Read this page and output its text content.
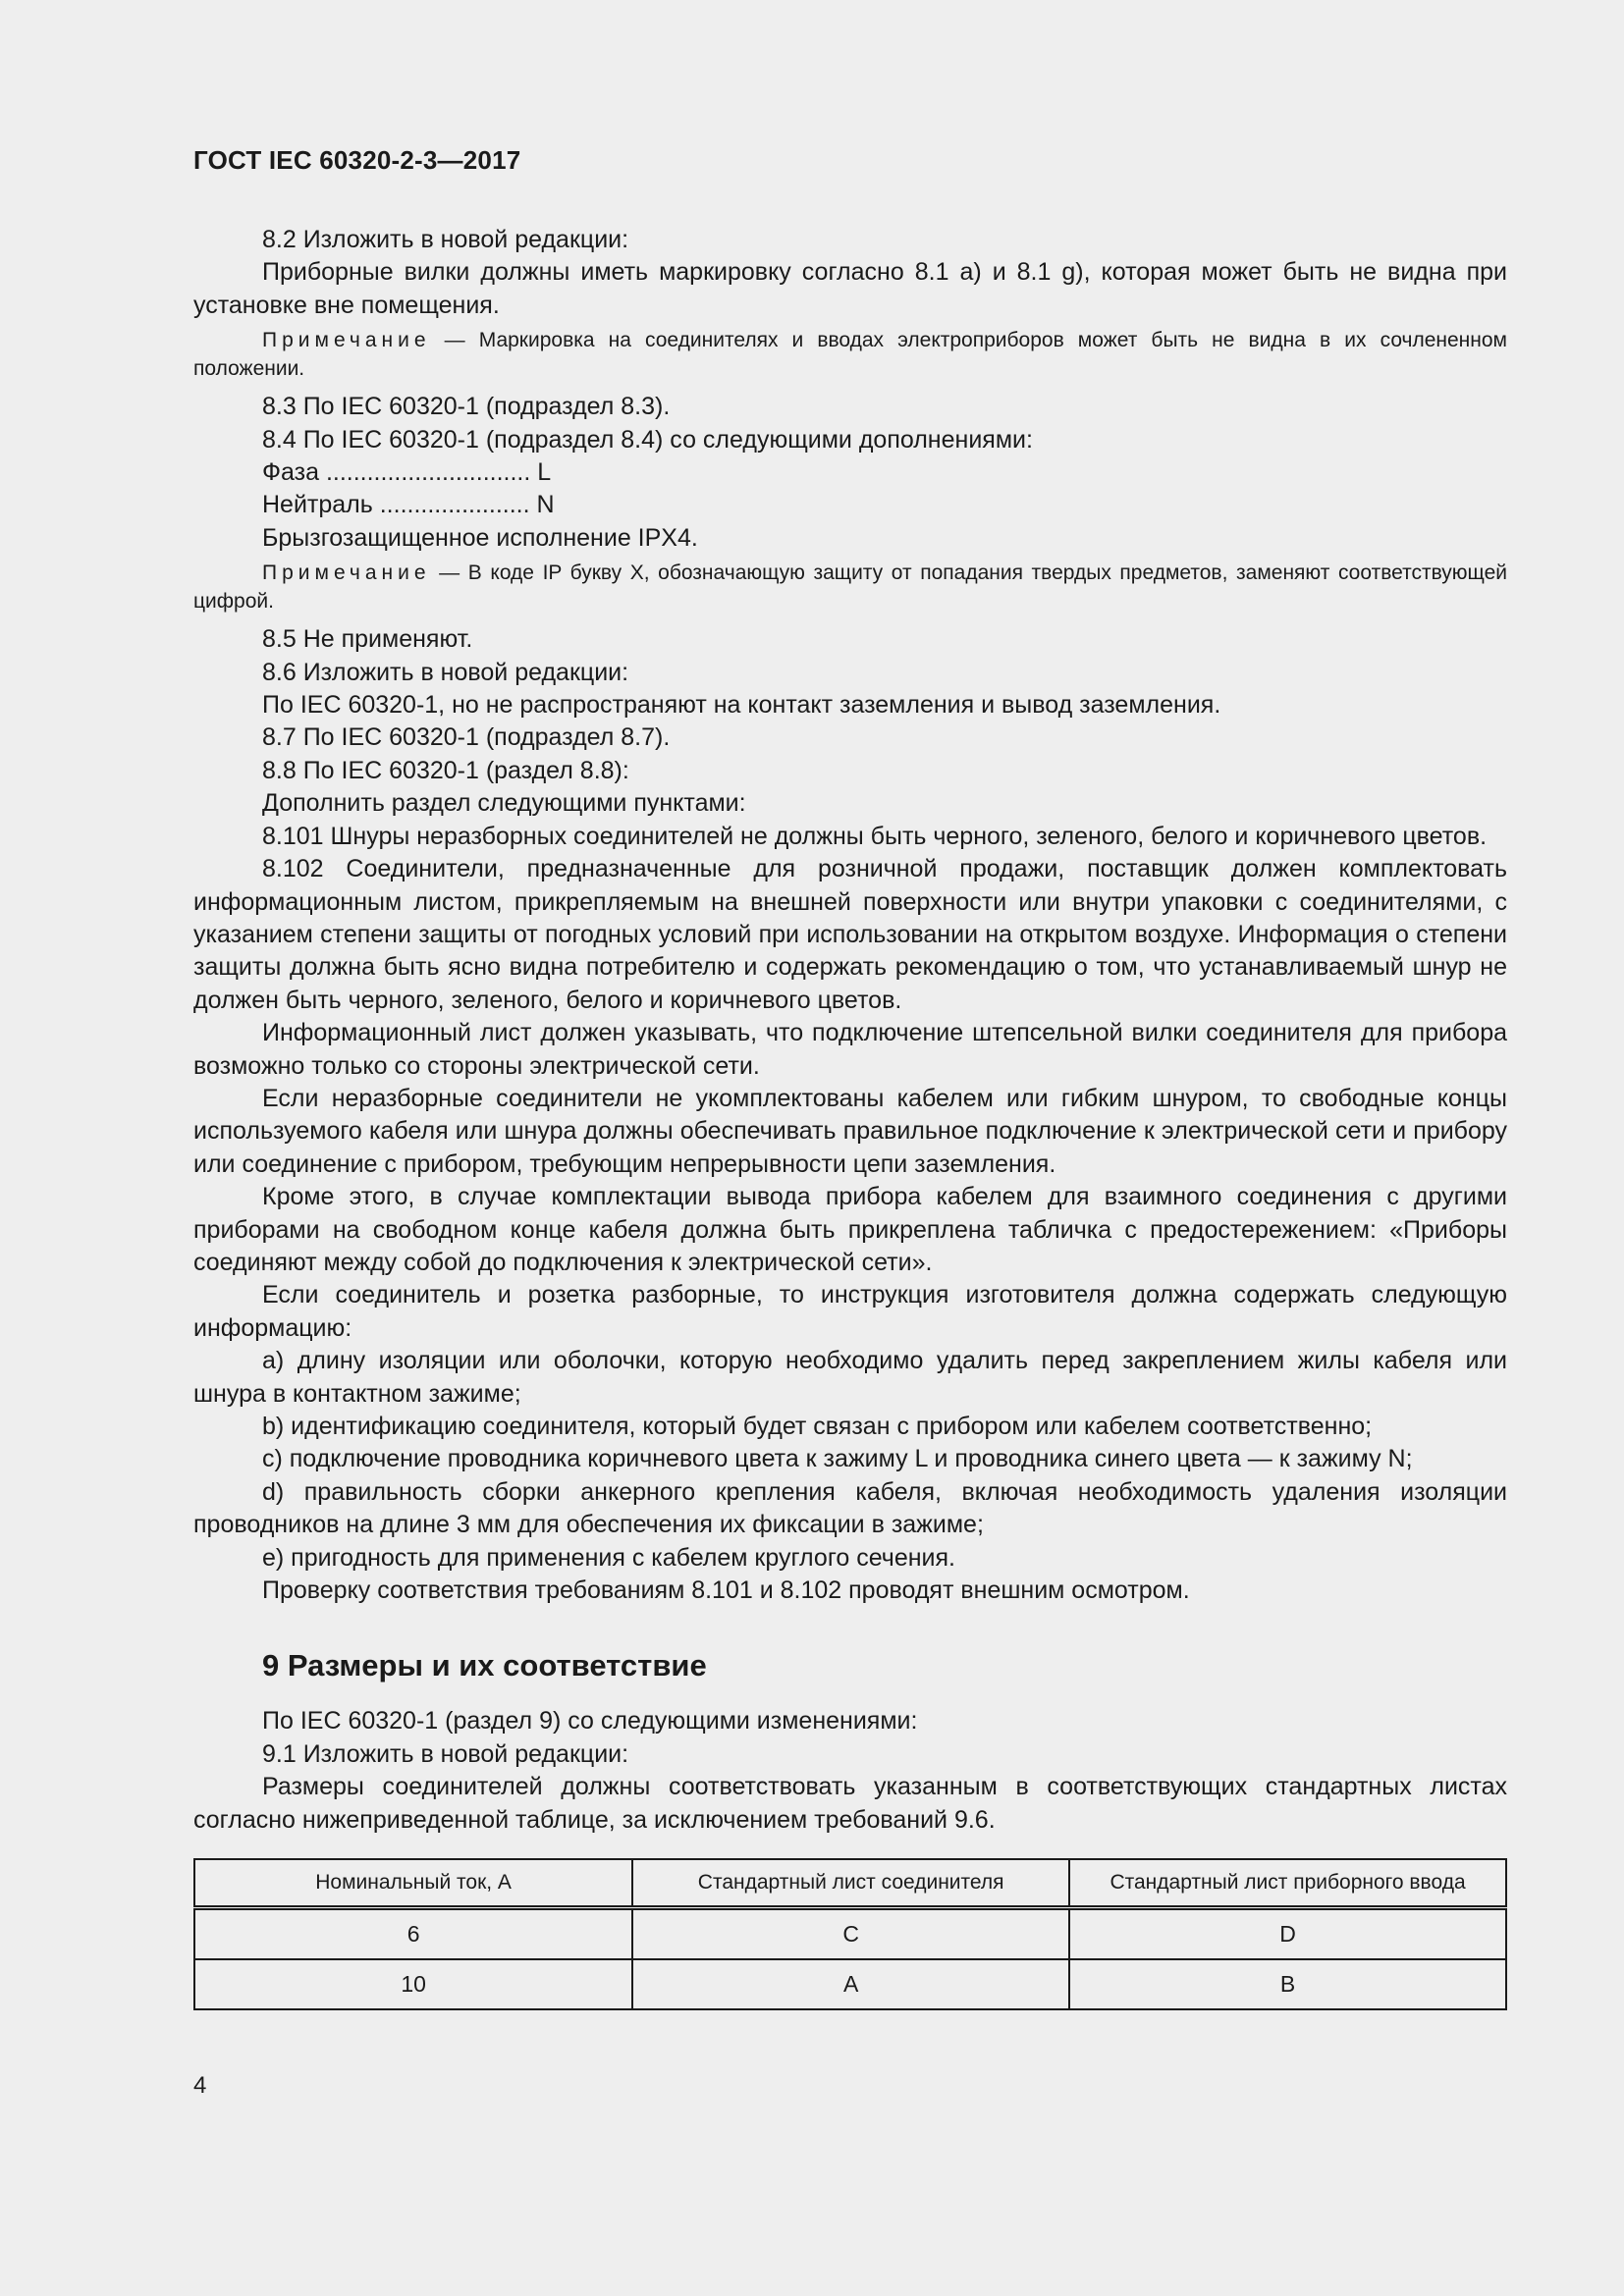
ГОСТ IEC 60320-2-3—2017

8.2 Изложить в новой редакции:

Приборные вилки должны иметь маркировку согласно 8.1 a) и 8.1 g), которая может быть не видна при установке вне помещения.

Примечание — Маркировка на соединителях и вводах электроприборов может быть не видна в их сочлененном положении.

8.3 По IEC 60320-1 (подраздел 8.3).

8.4 По IEC 60320-1 (подраздел 8.4) со следующими дополнениями:

Фаза .............................. L

Нейтраль ...................... N

Брызгозащищенное исполнение IPX4.

Примечание — В коде IP букву X, обозначающую защиту от попадания твердых предметов, заменяют соответствующей цифрой.

8.5 Не применяют.

8.6 Изложить в новой редакции:

По IEC 60320-1, но не распространяют на контакт заземления и вывод заземления.

8.7 По IEC 60320-1 (подраздел 8.7).

8.8 По IEC 60320-1 (раздел 8.8):

Дополнить раздел следующими пунктами:

8.101 Шнуры неразборных соединителей не должны быть черного, зеленого, белого и коричневого цветов.

8.102 Соединители, предназначенные для розничной продажи, поставщик должен комплектовать информационным листом, прикрепляемым на внешней поверхности или внутри упаковки с соединителями, с указанием степени защиты от погодных условий при использовании на открытом воздухе. Информация о степени защиты должна быть ясно видна потребителю и содержать рекомендацию о том, что устанавливаемый шнур не должен быть черного, зеленого, белого и коричневого цветов.

Информационный лист должен указывать, что подключение штепсельной вилки соединителя для прибора возможно только со стороны электрической сети.

Если неразборные соединители не укомплектованы кабелем или гибким шнуром, то свободные концы используемого кабеля или шнура должны обеспечивать правильное подключение к электрической сети и прибору или соединение с прибором, требующим непрерывности цепи заземления.

Кроме этого, в случае комплектации вывода прибора кабелем для взаимного соединения с другими приборами на свободном конце кабеля должна быть прикреплена табличка с предостережением: «Приборы соединяют между собой до подключения к электрической сети».

Если соединитель и розетка разборные, то инструкция изготовителя должна содержать следующую информацию:

a) длину изоляции или оболочки, которую необходимо удалить перед закреплением жилы кабеля или шнура в контактном зажиме;

b) идентификацию соединителя, который будет связан с прибором или кабелем соответственно;

c) подключение проводника коричневого цвета к зажиму L и проводника синего цвета — к зажиму N;

d) правильность сборки анкерного крепления кабеля, включая необходимость удаления изоляции проводников на длине 3 мм для обеспечения их фиксации в зажиме;

e) пригодность для применения с кабелем круглого сечения.

Проверку соответствия требованиям 8.101 и 8.102 проводят внешним осмотром.

9 Размеры и их соответствие

По IEC 60320-1 (раздел 9) со следующими изменениями:

9.1 Изложить в новой редакции:

Размеры соединителей должны соответствовать указанным в соответствующих стандартных листах согласно нижеприведенной таблице, за исключением требований 9.6.

Номинальный ток, A	Стандартный лист соединителя	Стандартный лист приборного ввода
6	C	D
10	A	B
4
